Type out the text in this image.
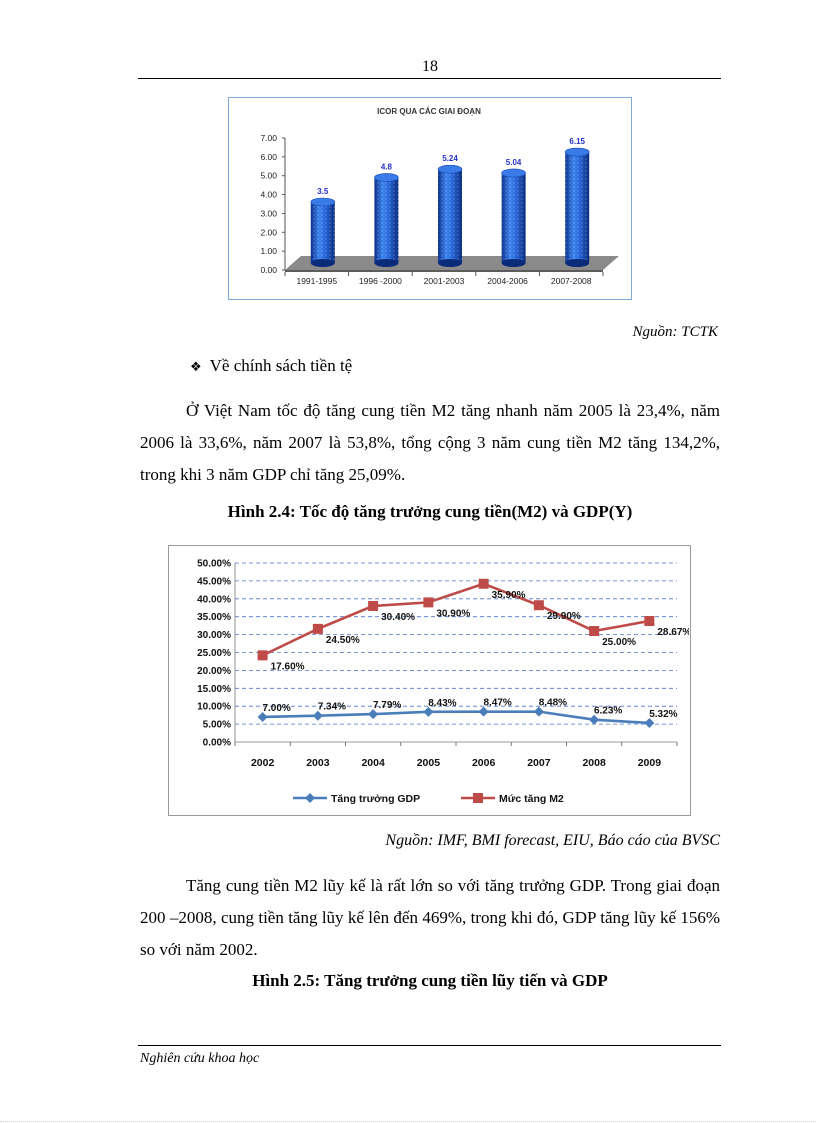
18
ICOR QUA CÁC GIAI ĐOẠN
0.00
1.00
2.00
3.00
4.00
5.00
6.00
7.00
3.5
1991-1995
4.8
1996 -2000
5.24
2001-2003
5.04
2004-2006
6.15
2007-2008
Nguồn: TCTK
❖ Về chính sách tiền tệ
Ở Việt Nam tốc độ tăng cung tiền M2 tăng nhanh năm 2005 là 23,4%, năm 2006 là 33,6%, năm 2007 là 53,8%, tổng cộng 3 năm cung tiền M2 tăng 134,2%, trong khi 3 năm GDP chỉ tăng 25,09%.
Hình 2.4: Tốc độ tăng trưởng cung tiền(M2) và GDP(Y)
0.00%
5.00%
10.00%
15.00%
20.00%
25.00%
30.00%
35.00%
40.00%
45.00%
50.00%
7.00%	7.34%	7.79%	8.43%	8.47%	8.48%
6.23%	5.32%
17.60%
24.50%
30.40% 30.90%
35.90%
29.90%
25.00%
28.67%
2002	2003	2004	2005	2006	2007	2008	2009
Tăng trưởng GDP	Mức tăng M2
Nguồn: IMF, BMI forecast, EIU, Báo cáo của BVSC
Tăng cung tiền M2 lũy kế là rất lớn so với tăng trưởng GDP. Trong giai đoạn 200 –2008, cung tiền tăng lũy kế lên đến 469%, trong khi đó, GDP tăng lũy kế 156% so với năm 2002.
Hình 2.5: Tăng trưởng cung tiền lũy tiến và GDP
Nghiên cứu khoa học
